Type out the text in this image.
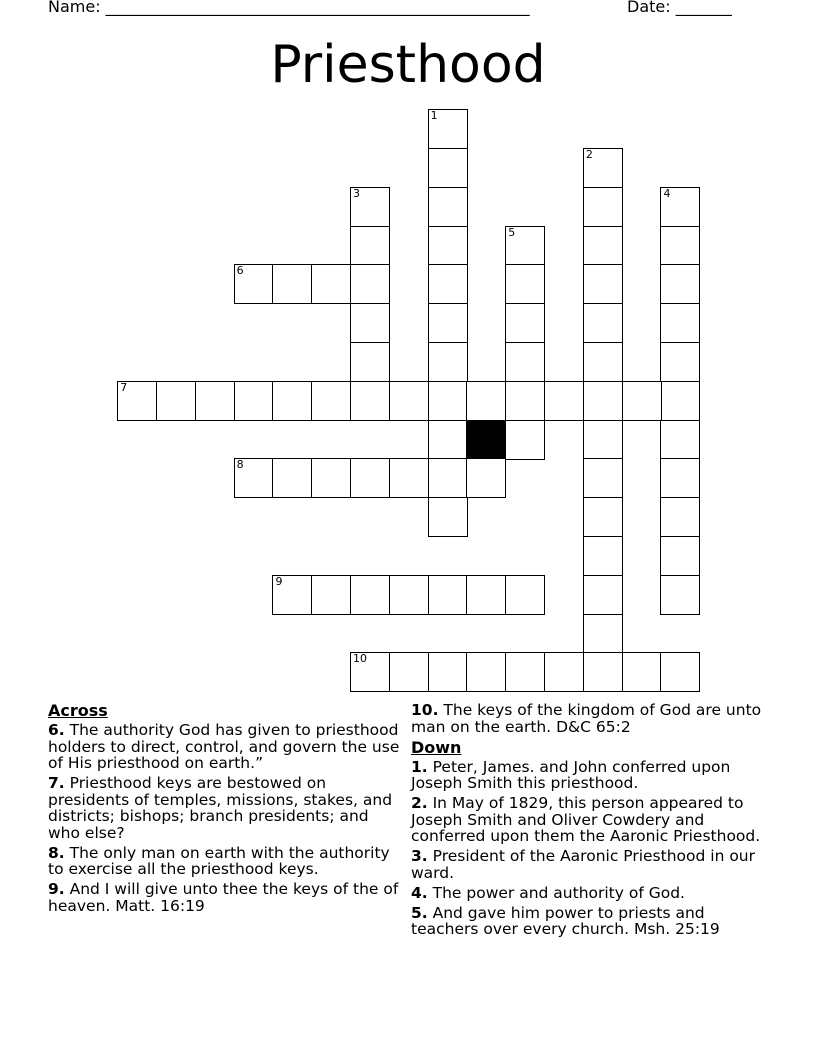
Name: _____________________________________________________	Date: _______
Priesthood
1
2
3	4
5
6
7
8
9
10
Across
6. The authority God has given to priesthood holders to direct, control, and govern the use of His priesthood on earth.”
7. Priesthood keys are bestowed on presidents of temples, missions, stakes, and districts; bishops; branch presidents; and who else?
8. The only man on earth with the authority to exercise all the priesthood keys.
9. And I will give unto thee the keys of the of heaven. Matt. 16:19
10. The keys of the kingdom of God are unto man on the earth. D&C 65:2
Down
1. Peter, James. and John conferred upon Joseph Smith this priesthood.
2. In May of 1829, this person appeared to Joseph Smith and Oliver Cowdery and conferred upon them the Aaronic Priesthood.
3. President of the Aaronic Priesthood in our ward.
4. The power and authority of God.
5. And gave him power to priests and teachers over every church. Msh. 25:19
